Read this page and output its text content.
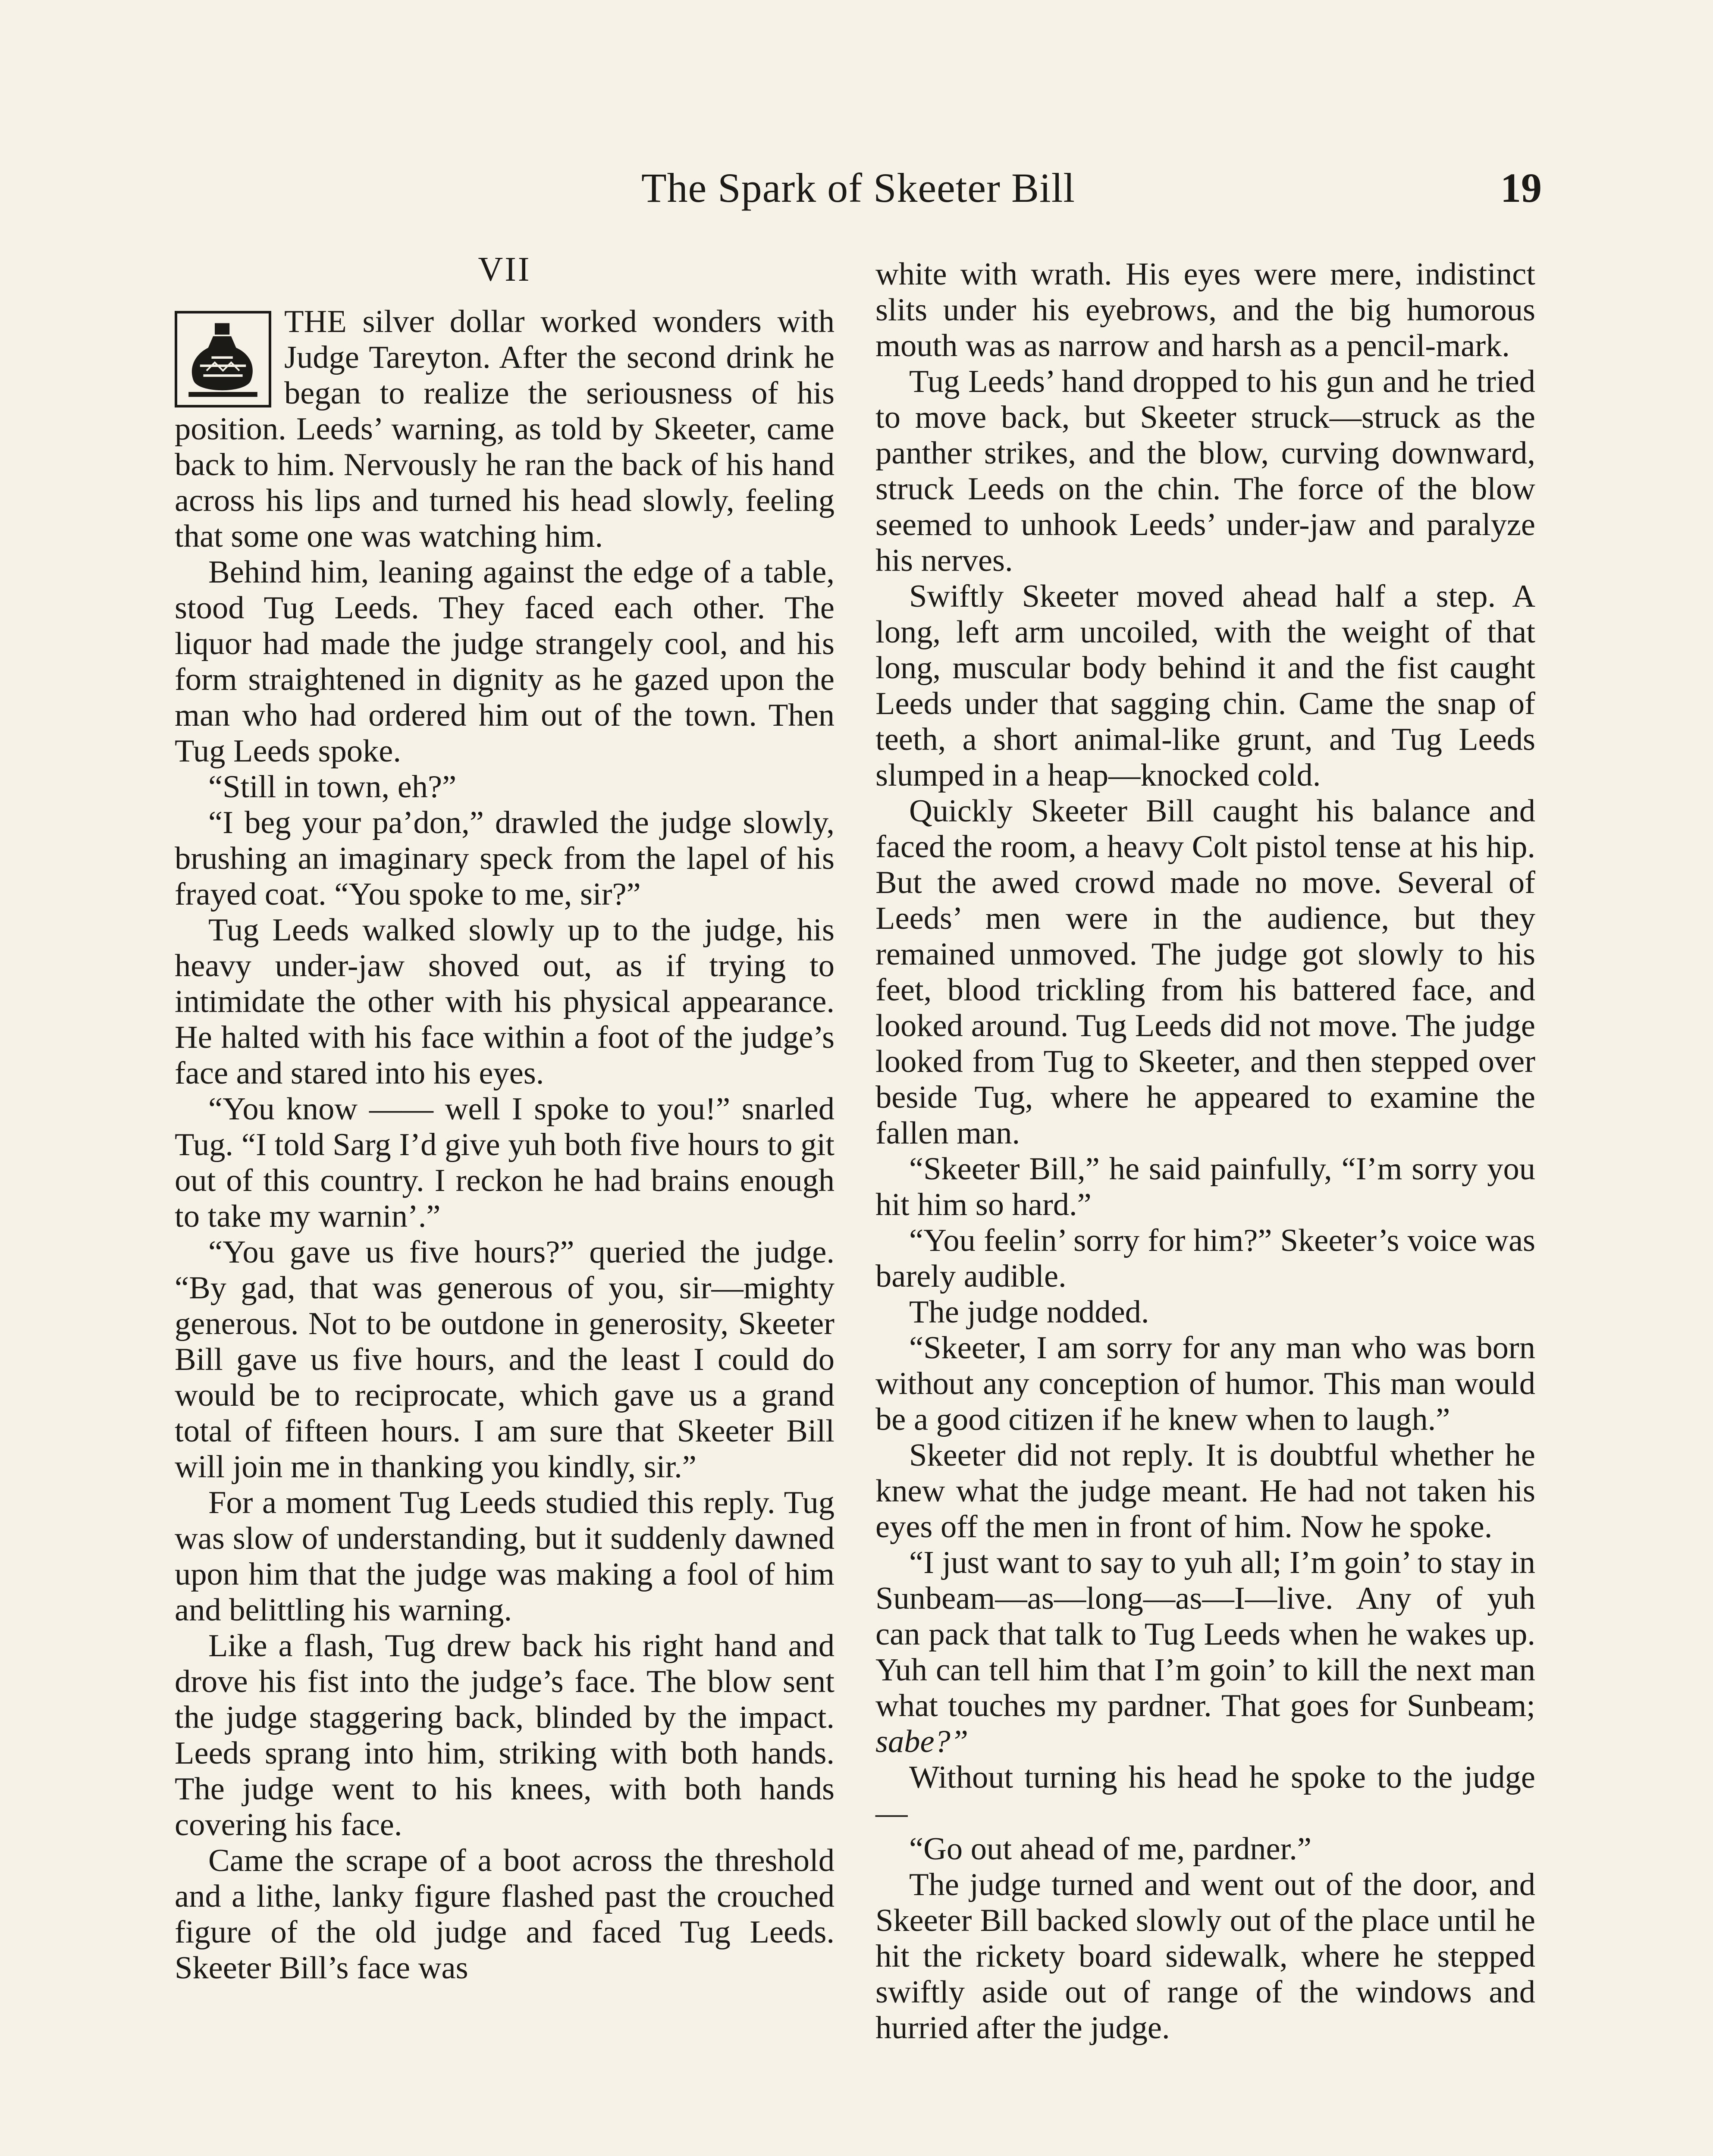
The Spark of Skeeter Bill	19
VII

THE silver dollar worked wonders with Judge Tareyton. After the second drink he began to realize the seriousness of his position. Leeds’ warning, as told by Skeeter, came back to him. Nervously he ran the back of his hand across his lips and turned his head slowly, feeling that some one was watching him.

Behind him, leaning against the edge of a table, stood Tug Leeds. They faced each other. The liquor had made the judge strangely cool, and his form straightened in dignity as he gazed upon the man who had ordered him out of the town. Then Tug Leeds spoke.

“Still in town, eh?”

“I beg your pa’don,” drawled the judge slowly, brushing an imaginary speck from the lapel of his frayed coat. “You spoke to me, sir?”

Tug Leeds walked slowly up to the judge, his heavy under-jaw shoved out, as if trying to intimidate the other with his physical appearance. He halted with his face within a foot of the judge’s face and stared into his eyes.

“You know —— well I spoke to you!” snarled Tug. “I told Sarg I’d give yuh both five hours to git out of this country. I reckon he had brains enough to take my warnin’.”

“You gave us five hours?” queried the judge. “By gad, that was generous of you, sir—mighty generous. Not to be outdone in generosity, Skeeter Bill gave us five hours, and the least I could do would be to reciprocate, which gave us a grand total of fifteen hours. I am sure that Skeeter Bill will join me in thanking you kindly, sir.”

For a moment Tug Leeds studied this reply. Tug was slow of understanding, but it suddenly dawned upon him that the judge was making a fool of him and belittling his warning.

Like a flash, Tug drew back his right hand and drove his fist into the judge’s face. The blow sent the judge staggering back, blinded by the impact. Leeds sprang into him, striking with both hands. The judge went to his knees, with both hands covering his face.

Came the scrape of a boot across the threshold and a lithe, lanky figure flashed past the crouched figure of the old judge and faced Tug Leeds. Skeeter Bill’s face was

white with wrath. His eyes were mere, indistinct slits under his eyebrows, and the big humorous mouth was as narrow and harsh as a pencil-mark.

Tug Leeds’ hand dropped to his gun and he tried to move back, but Skeeter struck—struck as the panther strikes, and the blow, curving downward, struck Leeds on the chin. The force of the blow seemed to unhook Leeds’ under-jaw and paralyze his nerves.

Swiftly Skeeter moved ahead half a step. A long, left arm uncoiled, with the weight of that long, muscular body behind it and the fist caught Leeds under that sagging chin. Came the snap of teeth, a short animal-like grunt, and Tug Leeds slumped in a heap—knocked cold.

Quickly Skeeter Bill caught his balance and faced the room, a heavy Colt pistol tense at his hip. But the awed crowd made no move. Several of Leeds’ men were in the audience, but they remained unmoved. The judge got slowly to his feet, blood trickling from his battered face, and looked around. Tug Leeds did not move. The judge looked from Tug to Skeeter, and then stepped over beside Tug, where he appeared to examine the fallen man.

“Skeeter Bill,” he said painfully, “I’m sorry you hit him so hard.”

“You feelin’ sorry for him?” Skeeter’s voice was barely audible.

The judge nodded.

“Skeeter, I am sorry for any man who was born without any conception of humor. This man would be a good citizen if he knew when to laugh.”

Skeeter did not reply. It is doubtful whether he knew what the judge meant. He had not taken his eyes off the men in front of him. Now he spoke.

“I just want to say to yuh all; I’m goin’ to stay in Sunbeam—as—long—as—I—live. Any of yuh can pack that talk to Tug Leeds when he wakes up. Yuh can tell him that I’m goin’ to kill the next man what touches my pardner. That goes for Sunbeam; sabe?”

Without turning his head he spoke to the judge—

“Go out ahead of me, pardner.”

The judge turned and went out of the door, and Skeeter Bill backed slowly out of the place until he hit the rickety board sidewalk, where he stepped swiftly aside out of range of the windows and hurried after the judge.
